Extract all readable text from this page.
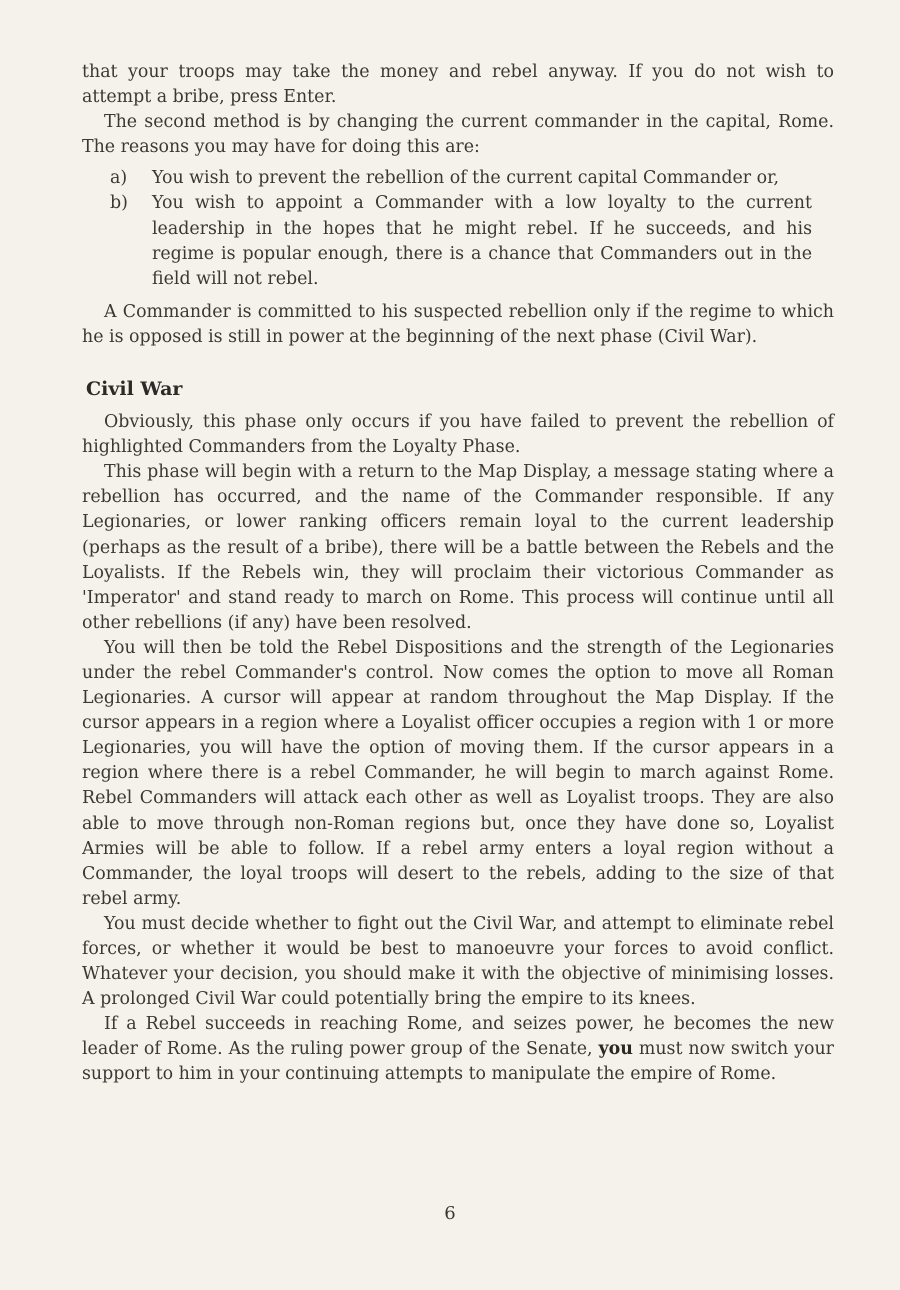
that your troops may take the money and rebel anyway. If you do not wish to attempt a bribe, press Enter.

The second method is by changing the current commander in the capital, Rome. The reasons you may have for doing this are:

a)	You wish to prevent the rebellion of the current capital Commander or,
b)	You wish to appoint a Commander with a low loyalty to the current leadership in the hopes that he might rebel. If he succeeds, and his regime is popular enough, there is a chance that Commanders out in the field will not rebel.

A Commander is committed to his suspected rebellion only if the regime to which he is opposed is still in power at the beginning of the next phase (Civil War).

Civil War

Obviously, this phase only occurs if you have failed to prevent the rebellion of highlighted Commanders from the Loyalty Phase.

This phase will begin with a return to the Map Display, a message stating where a rebellion has occurred, and the name of the Commander responsible. If any Legionaries, or lower ranking officers remain loyal to the current leadership (perhaps as the result of a bribe), there will be a battle between the Rebels and the Loyalists. If the Rebels win, they will proclaim their victorious Commander as 'Imperator' and stand ready to march on Rome. This process will continue until all other rebellions (if any) have been resolved.

You will then be told the Rebel Dispositions and the strength of the Legionaries under the rebel Commander's control. Now comes the option to move all Roman Legionaries. A cursor will appear at random throughout the Map Display. If the cursor appears in a region where a Loyalist officer occupies a region with 1 or more Legionaries, you will have the option of moving them. If the cursor appears in a region where there is a rebel Commander, he will begin to march against Rome. Rebel Commanders will attack each other as well as Loyalist troops. They are also able to move through non-Roman regions but, once they have done so, Loyalist Armies will be able to follow. If a rebel army enters a loyal region without a Commander, the loyal troops will desert to the rebels, adding to the size of that rebel army.

You must decide whether to fight out the Civil War, and attempt to eliminate rebel forces, or whether it would be best to manoeuvre your forces to avoid conflict. Whatever your decision, you should make it with the objective of minimising losses. A prolonged Civil War could potentially bring the empire to its knees.

If a Rebel succeeds in reaching Rome, and seizes power, he becomes the new leader of Rome. As the ruling power group of the Senate, you must now switch your support to him in your continuing attempts to manipulate the empire of Rome.

6
